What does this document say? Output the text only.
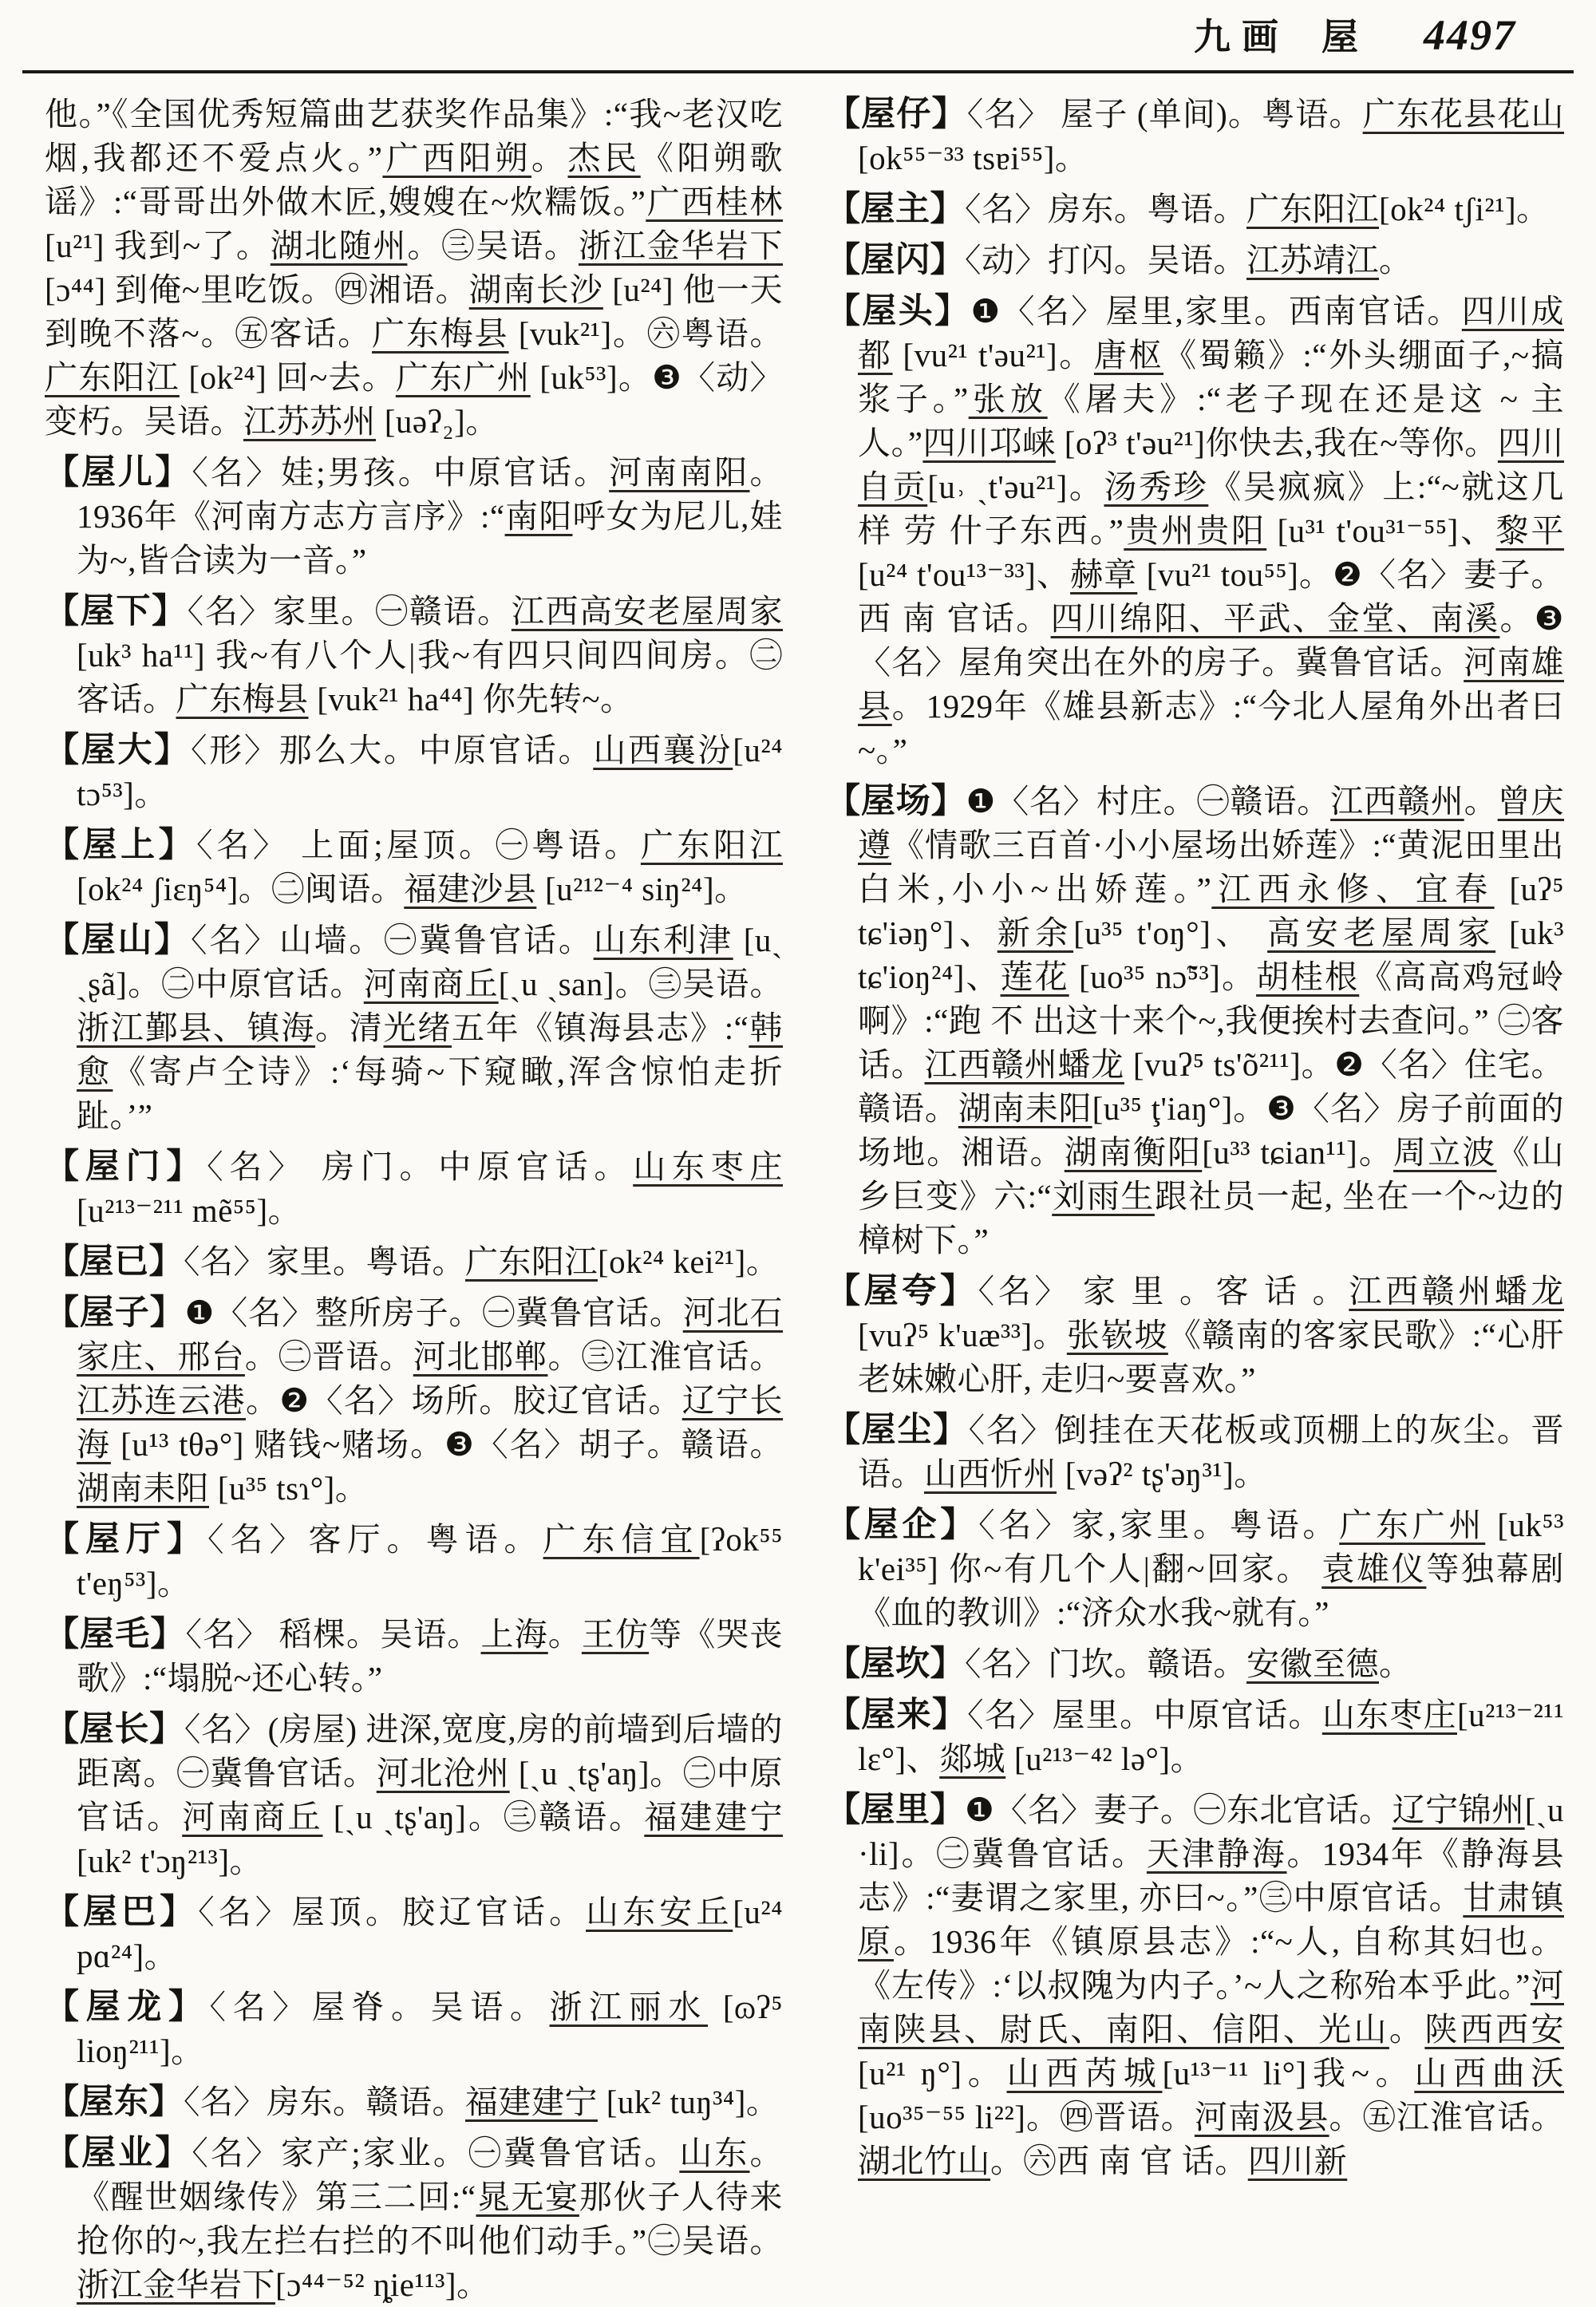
九画 屋 4497

他。”《全国优秀短篇曲艺获奖作品集》:“我~老汉吃烟,我都还不爱点火。”广西阳朔。杰民《阳朔歌谣》:“哥哥出外做木匠,嫂嫂在~炊糯饭。”广西桂林[u²¹] 我到~了。湖北随州。㊂吴语。浙江金华岩下 [ɔ⁴⁴] 到俺~里吃饭。㊃湘语。湖南长沙 [u²⁴] 他一天到晚不落~。㊄客话。广东梅县 [vuk²¹]。㊅粤语。广东阳江 [ok²⁴] 回~去。广东广州 [uk⁵³]。❸〈动〉变朽。吴语。江苏苏州 [uəʔ₂]。

【屋儿】〈名〉娃;男孩。中原官话。河南南阳。1936年《河南方志方言序》:“南阳呼女为尼儿,娃为~,皆合读为一音。”

【屋下】〈名〉家里。㊀赣语。江西高安老屋周家 [uk³ ha¹¹] 我~有八个人|我~有四只间四间房。㊁客话。广东梅县 [vuk²¹ ha⁴⁴] 你先转~。

【屋大】〈形〉那么大。中原官话。山西襄汾[u²⁴ tɔ⁵³]。

【屋上】〈名〉 上面;屋顶。㊀粤语。广东阳江 [ok²⁴ ʃiɛŋ⁵⁴]。㊁闽语。福建沙县 [u²¹²⁻⁴ siŋ²⁴]。

【屋山】〈名〉山墙。㊀冀鲁官话。山东利津 [uˏ ˏʂã]。㊁中原官话。河南商丘[ˏu ˏsan]。㊂吴语。浙江鄞县、镇海。清光绪五年《镇海县志》:“韩愈《寄卢仝诗》:‘每骑~下窥瞰,浑含惊怕走折趾。’”

【屋门】〈名〉 房门。中原官话。山东枣庄 [u²¹³⁻²¹¹ mẽ⁵⁵]。

【屋已】〈名〉家里。粤语。广东阳江[ok²⁴ kei²¹]。

【屋子】❶〈名〉整所房子。㊀冀鲁官话。河北石家庄、邢台。㊁晋语。河北邯郸。㊂江淮官话。江苏连云港。❷〈名〉场所。胶辽官话。辽宁长海 [u¹³ tθə°] 赌钱~赌场。❸〈名〉胡子。赣语。湖南耒阳 [u³⁵ tsɿ°]。

【屋厅】〈名〉客厅。粤语。广东信宜[ʔok⁵⁵ t'eŋ⁵³]。

【屋毛】〈名〉 稻棵。吴语。上海。王仿等《哭丧歌》:“塌脱~还心转。”

【屋长】〈名〉(房屋) 进深,宽度,房的前墙到后墙的距离。㊀冀鲁官话。河北沧州 [ˏu ˏtʂ'aŋ]。㊁中原官话。河南商丘 [ˏu ˏtʂ'aŋ]。㊂赣语。福建建宁[uk² t'ɔŋ²¹³]。

【屋巴】〈名〉屋顶。胶辽官话。山东安丘[u²⁴ pɑ²⁴]。

【屋龙】〈名〉屋脊。吴语。浙江丽水 [ɷʔ⁵ lioŋ²¹¹]。

【屋东】〈名〉房东。赣语。福建建宁 [uk² tuŋ³⁴]。

【屋业】〈名〉家产;家业。㊀冀鲁官话。山东。《醒世姻缘传》第三二回:“晁无宴那伙子人待来抢你的~,我左拦右拦的不叫他们动手。”㊁吴语。浙江金华岩下[ɔ⁴⁴⁻⁵² ȵie¹¹³]。

【屋仔】〈名〉 屋子 (单间)。粤语。广东花县花山 [ok⁵⁵⁻³³ tsɐi⁵⁵]。

【屋主】〈名〉房东。粤语。广东阳江[ok²⁴ tʃi²¹]。

【屋闪】〈动〉打闪。吴语。江苏靖江。

【屋头】❶〈名〉屋里,家里。西南官话。四川成都 [vu²¹ t'əu²¹]。唐枢《蜀籁》:“外头绷面子,~搞浆子。”张放《屠夫》:“老子现在还是这 ~ 主人。”四川邛崃 [oʔ³ t'əu²¹]你快去,我在~等你。四川自贡[u˒ ˏt'əu²¹]。汤秀珍《吴疯疯》上:“~就这几样 劳 什子东西。”贵州贵阳 [u³¹ t'ou³¹⁻⁵⁵]、黎平 [u²⁴ t'ou¹³⁻³³]、赫章 [vu²¹ tou⁵⁵]。❷〈名〉妻子。西 南 官话。四川绵阳、平武、金堂、南溪。❸〈名〉屋角突出在外的房子。冀鲁官话。河南雄县。1929年《雄县新志》:“今北人屋角外出者曰~。”

【屋场】❶〈名〉村庄。㊀赣语。江西赣州。曾庆遵《情歌三百首·小小屋场出娇莲》:“黄泥田里出白米,小小~出娇莲。”江西永修、宜春 [uʔ⁵ tɕ'iəŋ°]、新余[u³⁵ t'oŋ°]、 高安老屋周家 [uk³ tɕ'ioŋ²⁴]、莲花 [uo³⁵ nɔ̃⁵³]。胡桂根《高高鸡冠岭啊》:“跑 不 出这十来个~,我便挨村去查问。” ㊁客话。江西赣州蟠龙 [vuʔ⁵ ts'õ²¹¹]。❷〈名〉住宅。赣语。湖南耒阳[u³⁵ ţ'iaŋ°]。❸〈名〉房子前面的场地。湘语。湖南衡阳[u³³ tɕian¹¹]。周立波《山乡巨变》六:“刘雨生跟社员一起, 坐在一个~边的樟树下。”

【屋夸】〈名〉 家 里 。客 话 。江西赣州蟠龙 [vuʔ⁵ k'uæ³³]。张嵚坡《赣南的客家民歌》:“心肝老妹嫩心肝, 走归~要喜欢。”

【屋尘】〈名〉倒挂在天花板或顶棚上的灰尘。晋语。山西忻州 [vəʔ² tʂ'əŋ³¹]。

【屋企】〈名〉家,家里。粤语。广东广州 [uk⁵³ k'ei³⁵] 你~有几个人|翻~回家。 袁雄仪等独幕剧《血的教训》:“济众水我~就有。”

【屋坎】〈名〉门坎。赣语。安徽至德。

【屋来】〈名〉屋里。中原官话。山东枣庄[u²¹³⁻²¹¹ lɛ°]、郯城 [u²¹³⁻⁴² lə°]。

【屋里】❶〈名〉妻子。㊀东北官话。辽宁锦州[ˏu ·li]。㊁冀鲁官话。天津静海。1934年《静海县志》:“妻谓之家里, 亦曰~。”㊂中原官话。甘肃镇原。1936年《镇原县志》:“~人, 自称其妇也。《左传》:‘以叔隗为内子。’~人之称殆本乎此。”河南陕县、尉氏、南阳、信阳、光山。陕西西安[u²¹ ŋ°]。山西芮城[u¹³⁻¹¹ li°]我~。山西曲沃 [uo³⁵⁻⁵⁵ li²²]。㊃晋语。河南汲县。㊄江淮官话。湖北竹山。㊅西 南 官 话。四川新
